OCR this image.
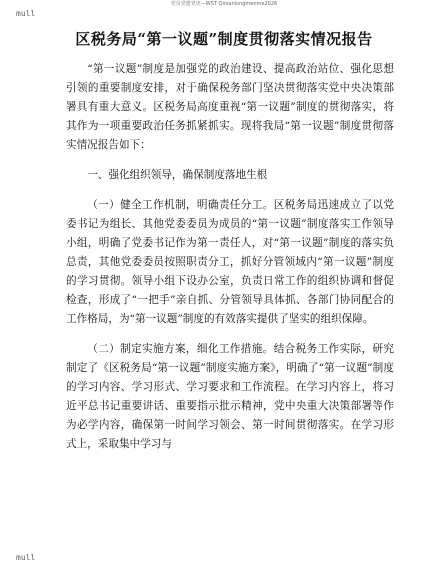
党员党建党史—WST Qinianlongmenme2026
mull
区税务局“第一议题”制度贯彻落实情况报告

“第一议题”制度是加强党的政治建设、提高政治站位、强化思想引领的重要制度安排，对于确保税务部门坚决贯彻落实党中央决策部署具有重大意义。区税务局高度重视“第一议题”制度的贯彻落实，将其作为一项重要政治任务抓紧抓实。现将我局“第一议题”制度贯彻落实情况报告如下：

一、强化组织领导，确保制度落地生根

（一）健全工作机制，明确责任分工。区税务局迅速成立了以党委书记为组长、其他党委委员为成员的“第一议题”制度落实工作领导小组，明确了党委书记作为第一责任人，对“第一议题”制度的落实负总责，其他党委委员按照职责分工，抓好分管领域内“第一议题”制度的学习贯彻。领导小组下设办公室，负责日常工作的组织协调和督促检查，形成了“一把手”亲自抓、分管领导具体抓、各部门协同配合的工作格局，为“第一议题”制度的有效落实提供了坚实的组织保障。

（二）制定实施方案，细化工作措施。结合税务工作实际，研究制定了《区税务局“第一议题”制度实施方案》，明确了“第一议题”制度的学习内容、学习形式、学习要求和工作流程。在学习内容上，将习近平总书记重要讲话、重要指示批示精神，党中央重大决策部署等作为必学内容，确保第一时间学习领会、第一时间贯彻落实。在学习形式上，采取集中学习与

mull
